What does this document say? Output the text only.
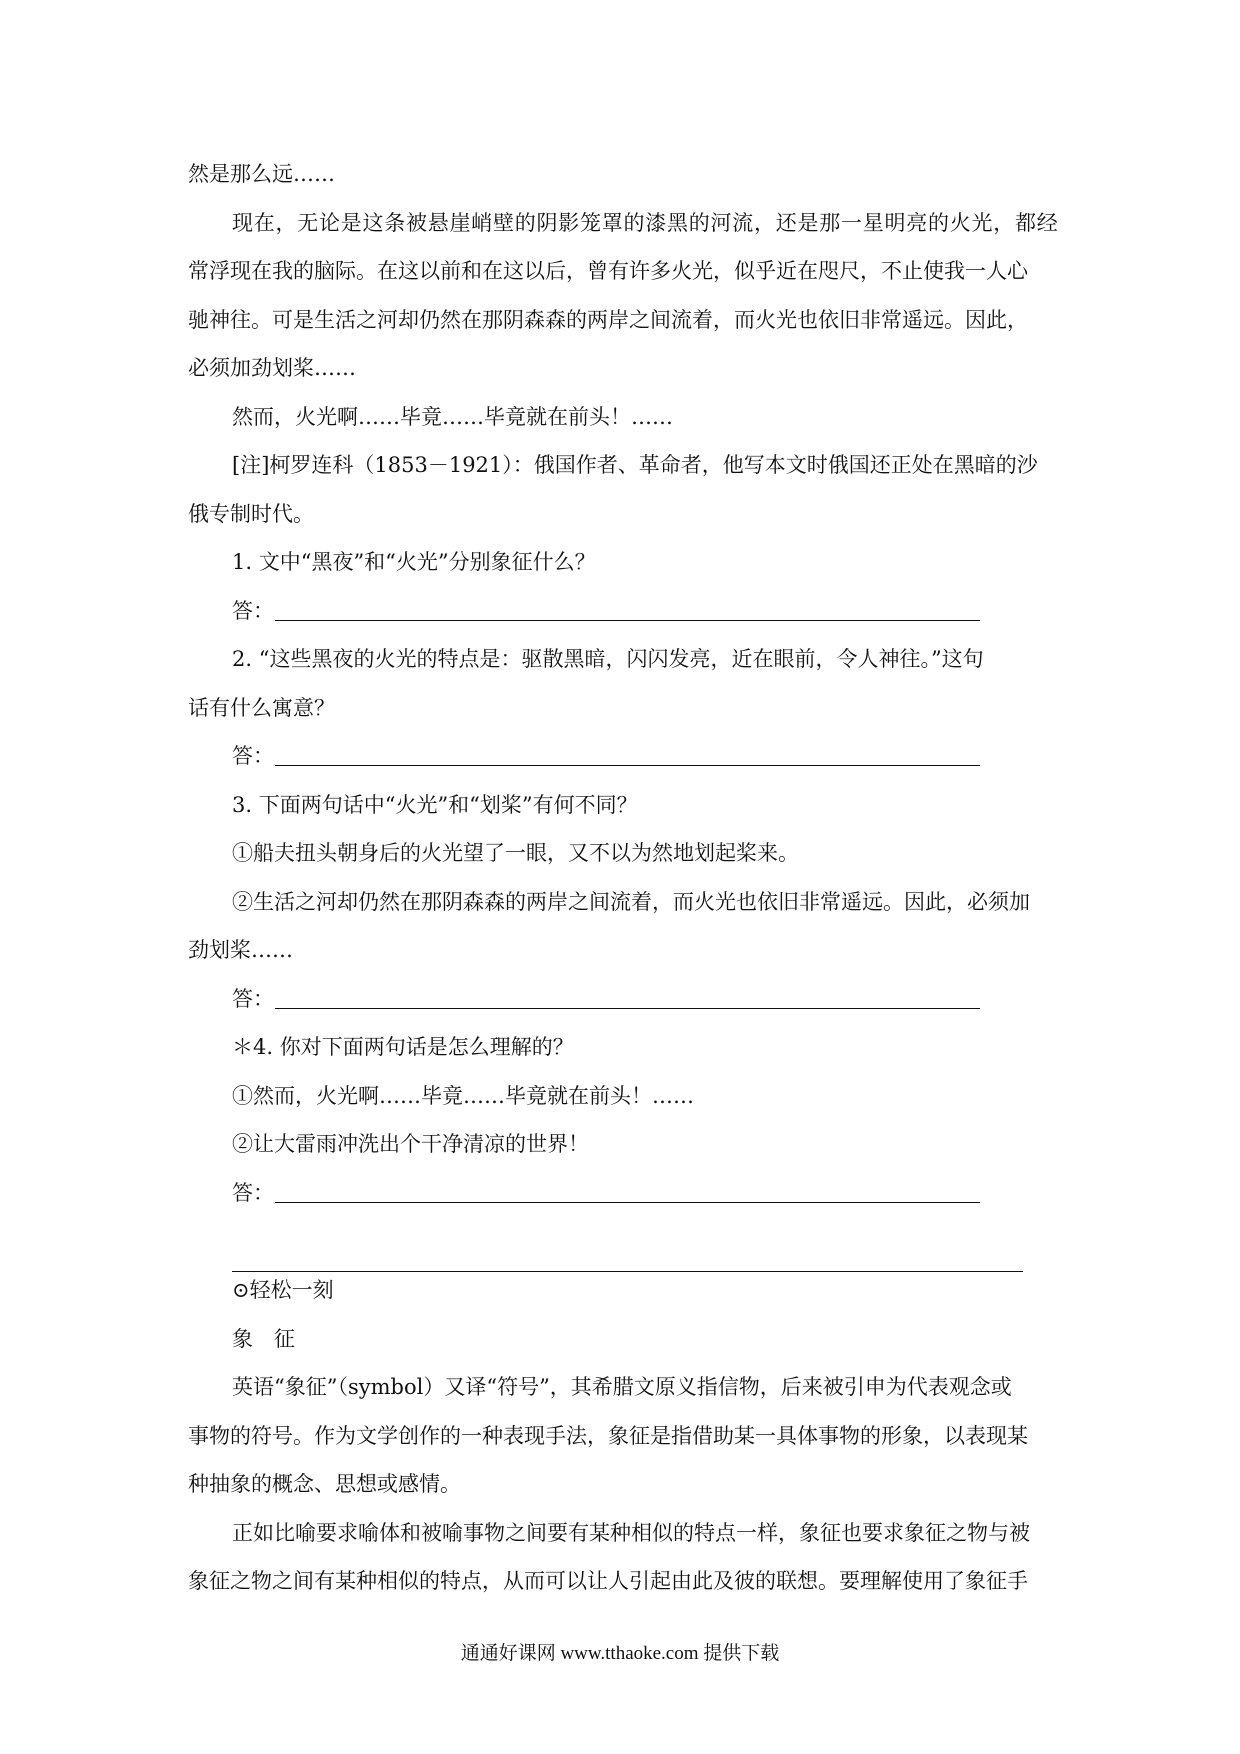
然是那么远……
现 在 ， 无 论 是 这 条 被 悬 崖 峭 壁 的 阴 影 笼 罩 的 漆 黑 的 河 流 ， 还 是 那 一 星 明 亮 的 火 光 ， 都 经
常浮现在我的脑际。在这以前和在这以后，曾有许多火光，似乎近在咫尺，不止使我一人心
驰神往。可是生活之河却仍然在那阴森森的两岸之间流着，而火光也依旧非常遥远。因此，
必须加劲划桨……
然而，火光啊……毕竟……毕竟就在前头！……
[注]柯罗连科（1853－1921）：俄国作者、革命者，他写本文时俄国还正处在黑暗的沙
俄专制时代。
1. 文中“黑夜”和“火光”分别象征什么？
答：
2. “这些黑夜的火光的特点是：驱散黑暗，闪闪发亮，近在眼前，令人神往。”这句
话有什么寓意？
答：
3. 下面两句话中“火光”和“划桨”有何不同？
①船夫扭头朝身后的火光望了一眼，又不以为然地划起桨来。
②生活之河却仍然在那阴森森的两岸之间流着，而火光也依旧非常遥远。因此，必须加
劲划桨……
答：
＊4. 你对下面两句话是怎么理解的？
①然而，火光啊……毕竟……毕竟就在前头！……
②让大雷雨冲洗出个干净清凉的世界！
答：
⊙轻松一刻
象　征
英语“象征”（symbol）又译“符号”，其希腊文原义指信物，后来被引申为代表观念或
事物的符号。作为文学创作的一种表现手法，象征是指借助某一具体事物的形象，以表现某
种抽象的概念、思想或感情。
正如比喻要求喻体和被喻事物之间要有某种相似的特点一样，象征也要求象征之物与被
象征之物之间有某种相似的特点，从而可以让人引起由此及彼的联想。要理解使用了象征手
通通好课网 www.tthaoke.com 提供下载
